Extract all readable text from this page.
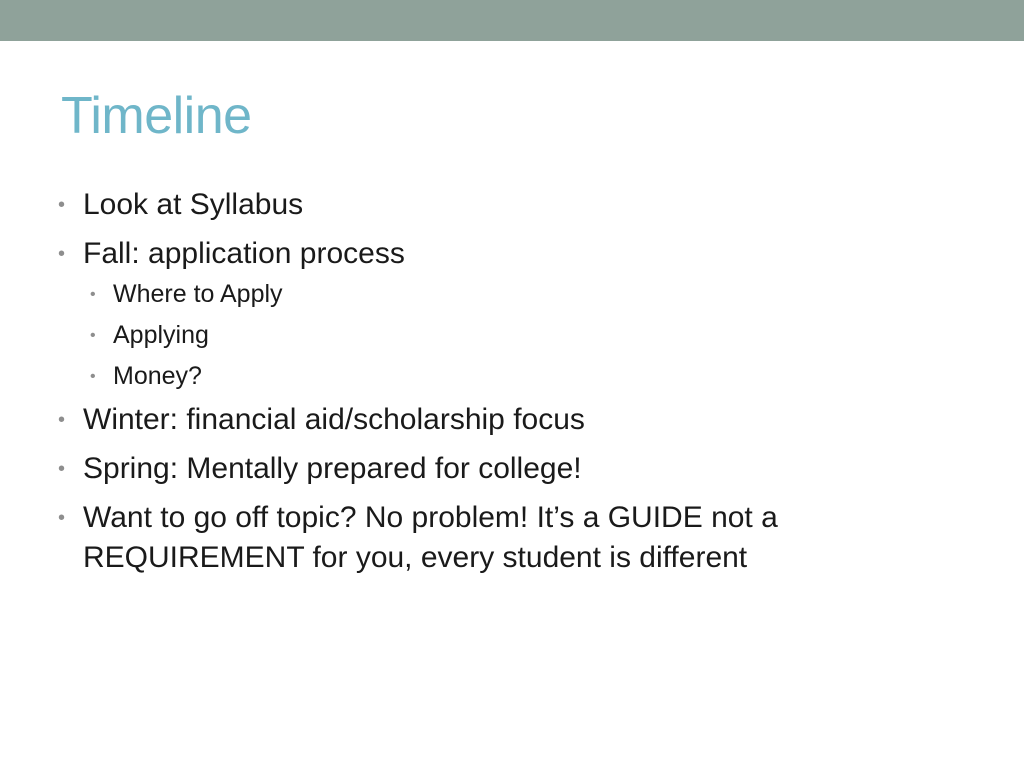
Timeline
• Look at Syllabus
• Fall: application process
• Where to Apply
• Applying
• Money?
• Winter: financial aid/scholarship focus
• Spring: Mentally prepared for college!
• Want to go off topic? No problem! It’s a GUIDE not a REQUIREMENT for you, every student is different
